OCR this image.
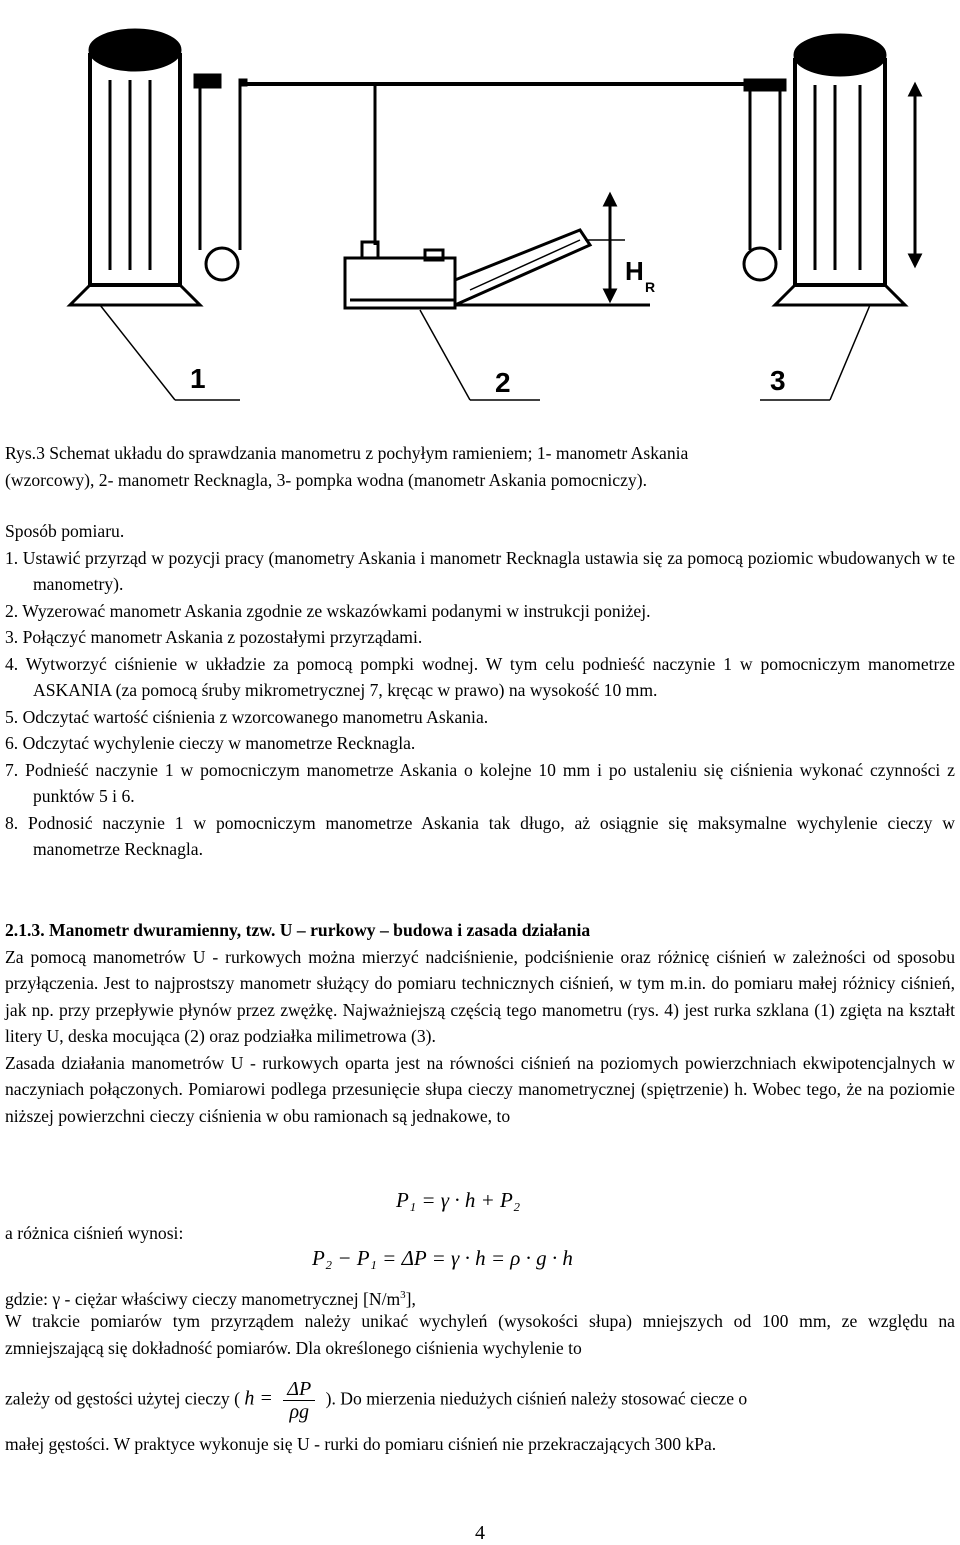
1	2	3
H
R

Rys.3 Schemat układu do sprawdzania manometru z pochyłym ramieniem; 1- manometr Askania

(wzorcowy), 2- manometr Recknagla, 3- pompka wodna (manometr Askania pomocniczy).

Sposób pomiaru.

1. Ustawić przyrząd w pozycji pracy (manometry Askania i manometr Recknagla ustawia się za pomocą poziomic wbudowanych w te manometry).

2. Wyzerować manometr Askania zgodnie ze wskazówkami podanymi w instrukcji poniżej.

3. Połączyć manometr Askania z pozostałymi przyrządami.

4. Wytworzyć ciśnienie w układzie za pomocą pompki wodnej. W tym celu podnieść naczynie 1 w pomocniczym manometrze ASKANIA (za pomocą śruby mikrometrycznej 7, kręcąc w prawo) na wysokość 10 mm.

5. Odczytać wartość ciśnienia z wzorcowanego manometru Askania.

6. Odczytać wychylenie cieczy w manometrze Recknagla.

7. Podnieść naczynie 1 w pomocniczym manometrze Askania o kolejne 10 mm i po ustaleniu się ciśnienia wykonać czynności z punktów 5 i 6.

8. Podnosić naczynie 1 w pomocniczym manometrze Askania tak długo, aż osiągnie się maksymalne wychylenie cieczy w manometrze Recknagla.

2.1.3. Manometr dwuramienny, tzw. U – rurkowy – budowa i zasada działania

Za pomocą manometrów U - rurkowych można mierzyć nadciśnienie, podciśnienie oraz różnicę ciśnień w zależności od sposobu przyłączenia. Jest to najprostszy manometr służący do pomiaru technicznych ciśnień, w tym m.in. do pomiaru małej różnicy ciśnień, jak np. przy przepływie płynów przez zwężkę. Najważniejszą częścią tego manometru (rys. 4) jest rurka szklana (1) zgięta na kształt litery U, deska mocująca (2) oraz podziałka milimetrowa (3).

Zasada działania manometrów U - rurkowych oparta jest na równości ciśnień na poziomych powierzchniach ekwipotencjalnych w naczyniach połączonych. Pomiarowi podlega przesunięcie słupa cieczy manometrycznej (spiętrzenie) h. Wobec tego, że na poziomie niższej powierzchni cieczy ciśnienia w obu ramionach są jednakowe, to

P₁ = γ · h + P₂
a różnica ciśnień wynosi:
P₂ − P₁ = ΔP = γ · h = ρ · g · h
gdzie: γ - ciężar właściwy cieczy manometrycznej $[N/m^3]$,
W trakcie pomiarów tym przyrządem należy unikać wychyleń (wysokości słupa) mniejszych od 100 mm, ze względu na zmniejszającą się dokładność pomiarów. Dla określonego ciśnienia wychylenie to
zależy od gęstości użytej cieczy ( $h = \frac{\Delta P}{\rho g}$ ). Do mierzenia niedużych ciśnień należy stosować ciecze o
małej gęstości. W praktyce wykonuje się U - rurki do pomiaru ciśnień nie przekraczających 300 kPa.
4
